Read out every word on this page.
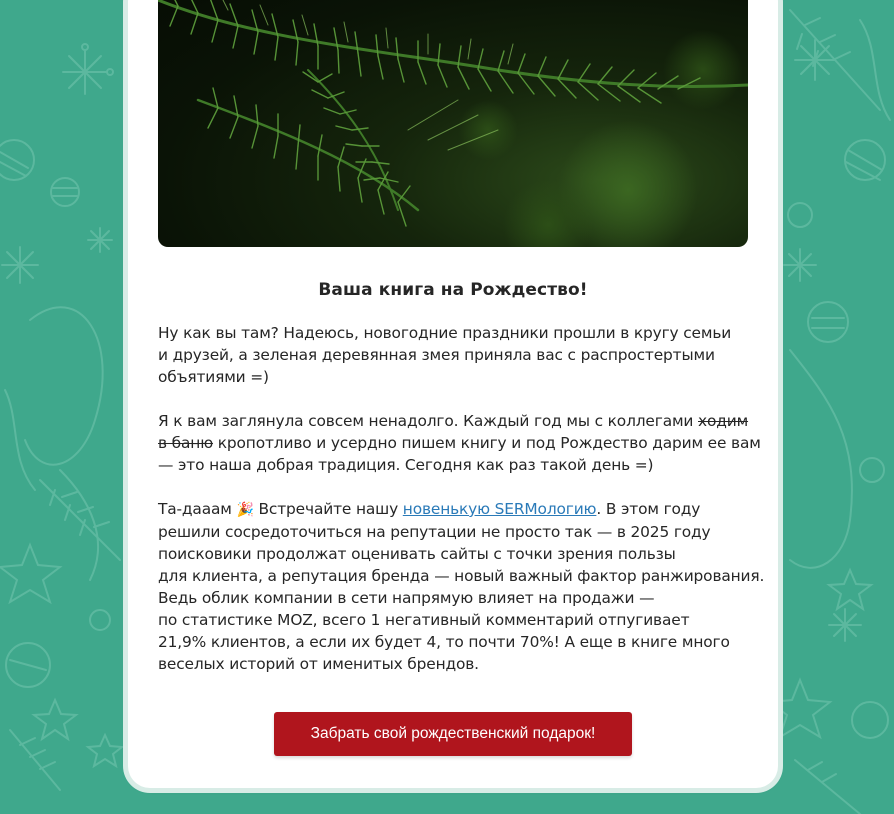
Ваша книга на Рождество!
Ну как вы там? Надеюсь, новогодние праздники прошли в кругу семьи
и друзей, а зеленая деревянная змея приняла вас с распростертыми
объятиями =)
Я к вам заглянула совсем ненадолго. Каждый год мы с коллегами ходим
в баню кропотливо и усердно пишем книгу и под Рождество дарим ее вам
— это наша добрая традиция. Сегодня как раз такой день =)
Та-дааам 🎉 Встречайте нашу новенькую SERМологию. В этом году
решили сосредоточиться на репутации не просто так — в 2025 году
поисковики продолжат оценивать сайты с точки зрения пользы
для клиента, а репутация бренда — новый важный фактор ранжирования.
Ведь облик компании в сети напрямую влияет на продажи —
по статистике MOZ, всего 1 негативный комментарий отпугивает
21,9% клиентов, а если их будет 4, то почти 70%! А еще в книге много
веселых историй от именитых брендов.
Забрать свой рождественский подарок!
